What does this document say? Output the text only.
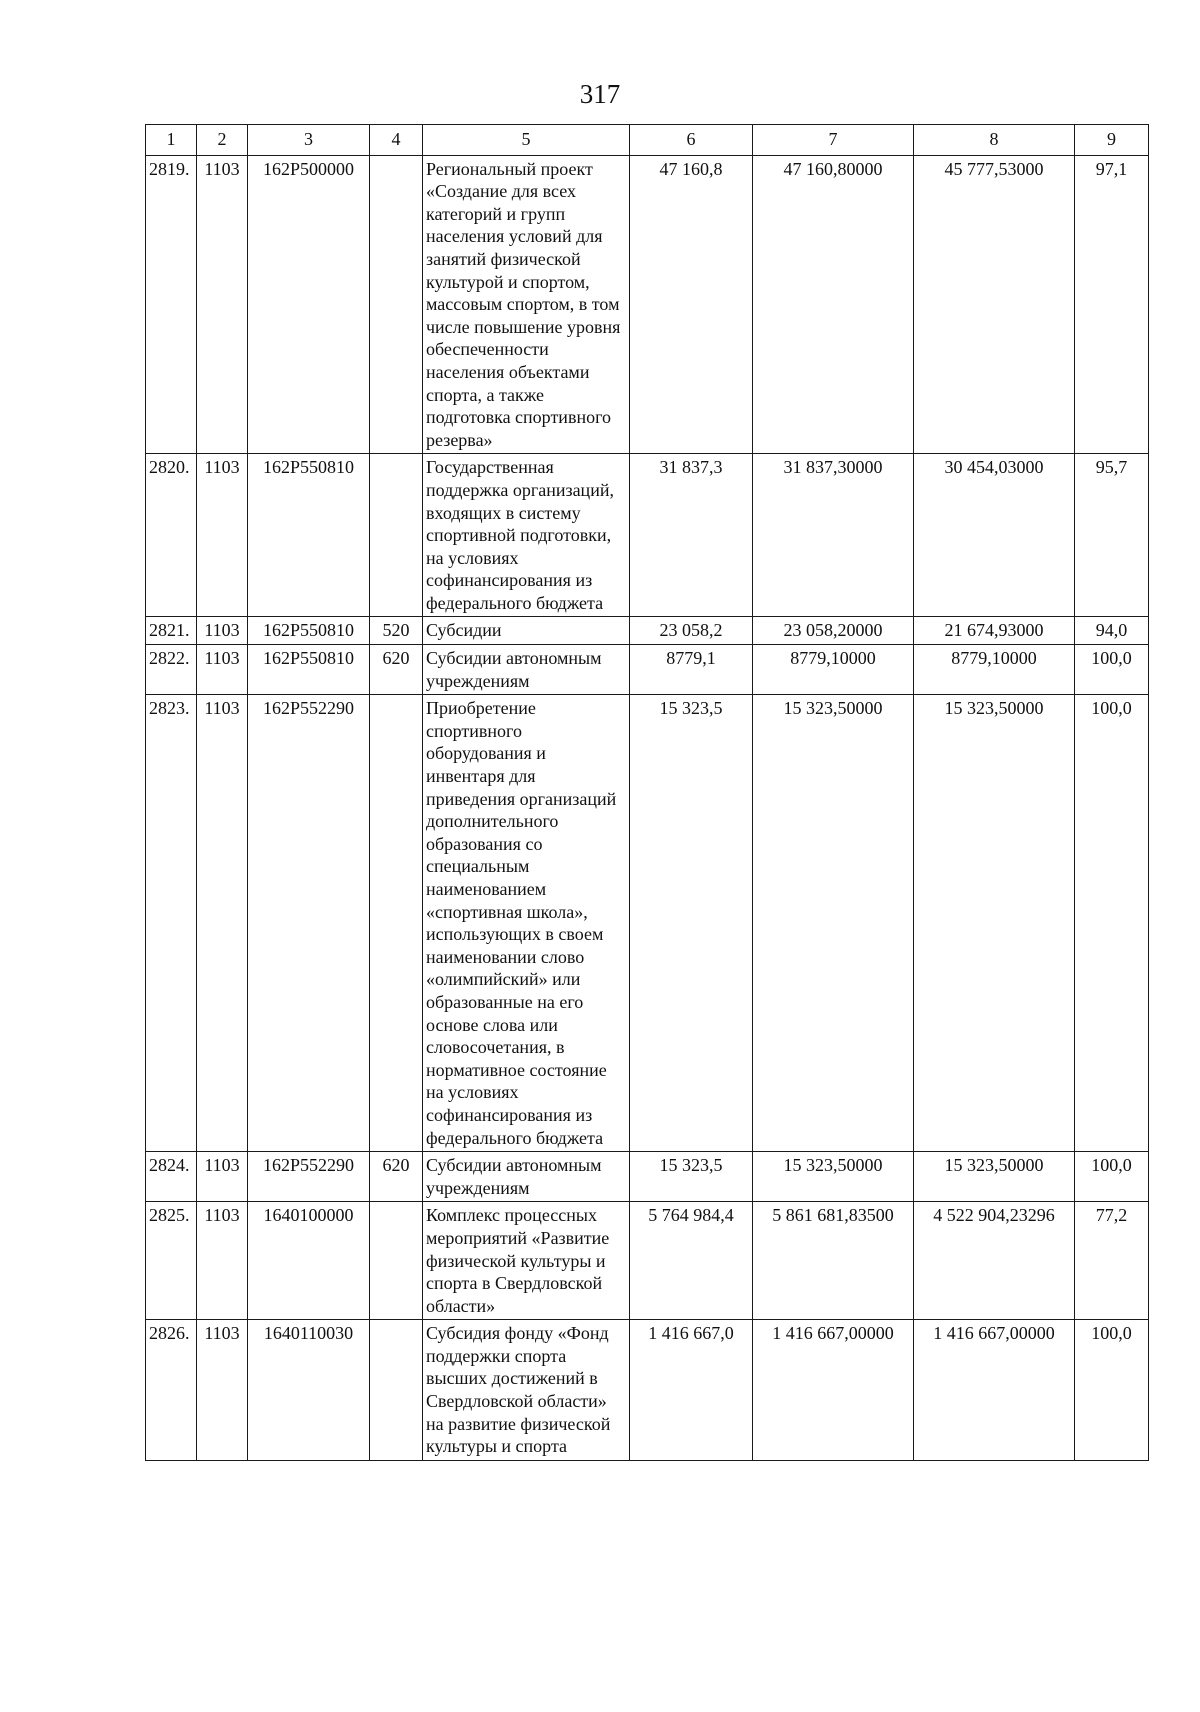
317
1	2	3	4	5	6	7	8	9
2819.	1103	162P500000		Региональный проект «Создание для всех категорий и групп населения условий для занятий физической культурой и спортом, массовым спортом, в том числе повышение уровня обеспеченности населения объектами спорта, а также подготовка спортивного резерва»	47 160,8	47 160,80000	45 777,53000	97,1
2820.	1103	162P550810		Государственная поддержка организаций, входящих в систему спортивной подготовки, на условиях софинансирования из федерального бюджета	31 837,3	31 837,30000	30 454,03000	95,7
2821.	1103	162P550810	520	Субсидии	23 058,2	23 058,20000	21 674,93000	94,0
2822.	1103	162P550810	620	Субсидии автономным учреждениям	8779,1	8779,10000	8779,10000	100,0
2823.	1103	162P552290		Приобретение спортивного оборудования и инвентаря для приведения организаций дополнительного образования со специальным наименованием «спортивная школа», использующих в своем наименовании слово «олимпийский» или образованные на его основе слова или словосочетания, в нормативное состояние на условиях софинансирования из федерального бюджета	15 323,5	15 323,50000	15 323,50000	100,0
2824.	1103	162P552290	620	Субсидии автономным учреждениям	15 323,5	15 323,50000	15 323,50000	100,0
2825.	1103	1640100000		Комплекс процессных мероприятий «Развитие физической культуры и спорта в Свердловской области»	5 764 984,4	5 861 681,83500	4 522 904,23296	77,2
2826.	1103	1640110030		Субсидия фонду «Фонд поддержки спорта высших достижений в Свердловской области» на развитие физической культуры и спорта	1 416 667,0	1 416 667,00000	1 416 667,00000	100,0
